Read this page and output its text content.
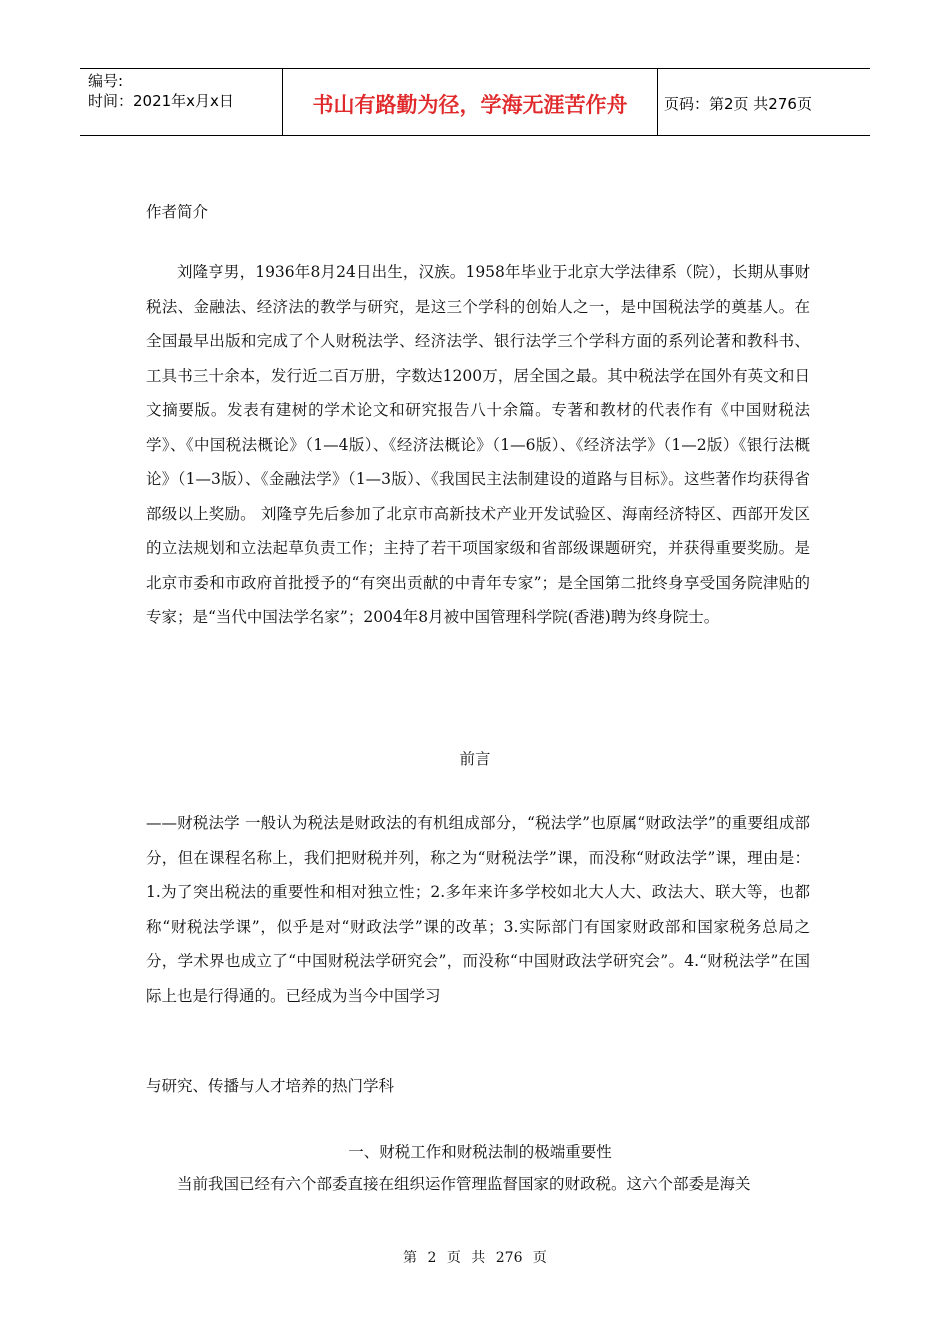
编号:
时间：2021年x月x日	书山有路勤为径，学海无涯苦作舟	页码：第2页 共276页
作者简介
刘隆亨男，1936年8月24日出生，汉族。1958年毕业于北京大学法律系（院），长期从事财税法、金融法、经济法的教学与研究，是这三个学科的创始人之一，是中国税法学的奠基人。在全国最早出版和完成了个人财税法学、经济法学、银行法学三个学科方面的系列论著和教科书、工具书三十余本，发行近二百万册，字数达1200万，居全国之最。其中税法学在国外有英文和日文摘要版。发表有建树的学术论文和研究报告八十余篇。专著和教材的代表作有《中国财税法学》、《中国税法概论》（1—4版）、《经济法概论》（1—6版）、《经济法学》（1—2版）《银行法概论》（1—3版）、《金融法学》（1—3版）、《我国民主法制建设的道路与目标》。这些著作均获得省部级以上奖励。 刘隆亨先后参加了北京市高新技术产业开发试验区、海南经济特区、西部开发区的立法规划和立法起草负责工作；主持了若干项国家级和省部级课题研究，并获得重要奖励。是北京市委和市政府首批授予的“有突出贡献的中青年专家”；是全国第二批终身享受国务院津贴的专家；是“当代中国法学名家”；2004年8月被中国管理科学院(香港)聘为终身院士。
前言
——财税法学 一般认为税法是财政法的有机组成部分，“税法学”也原属“财政法学”的重要组成部分，但在课程名称上，我们把财税并列，称之为“财税法学”课，而没称“财政法学”课，理由是：1.为了突出税法的重要性和相对独立性；2.多年来许多学校如北大人大、政法大、联大等，也都称“财税法学课”，似乎是对“财政法学”课的改革；3.实际部门有国家财政部和国家税务总局之分，学术界也成立了“中国财税法学研究会”，而没称“中国财政法学研究会”。4.“财税法学”在国际上也是行得通的。已经成为当今中国学习
与研究、传播与人才培养的热门学科
一、财税工作和财税法制的极端重要性
当前我国已经有六个部委直接在组织运作管理监督国家的财政税。这六个部委是海关
第 2 页 共 276 页
